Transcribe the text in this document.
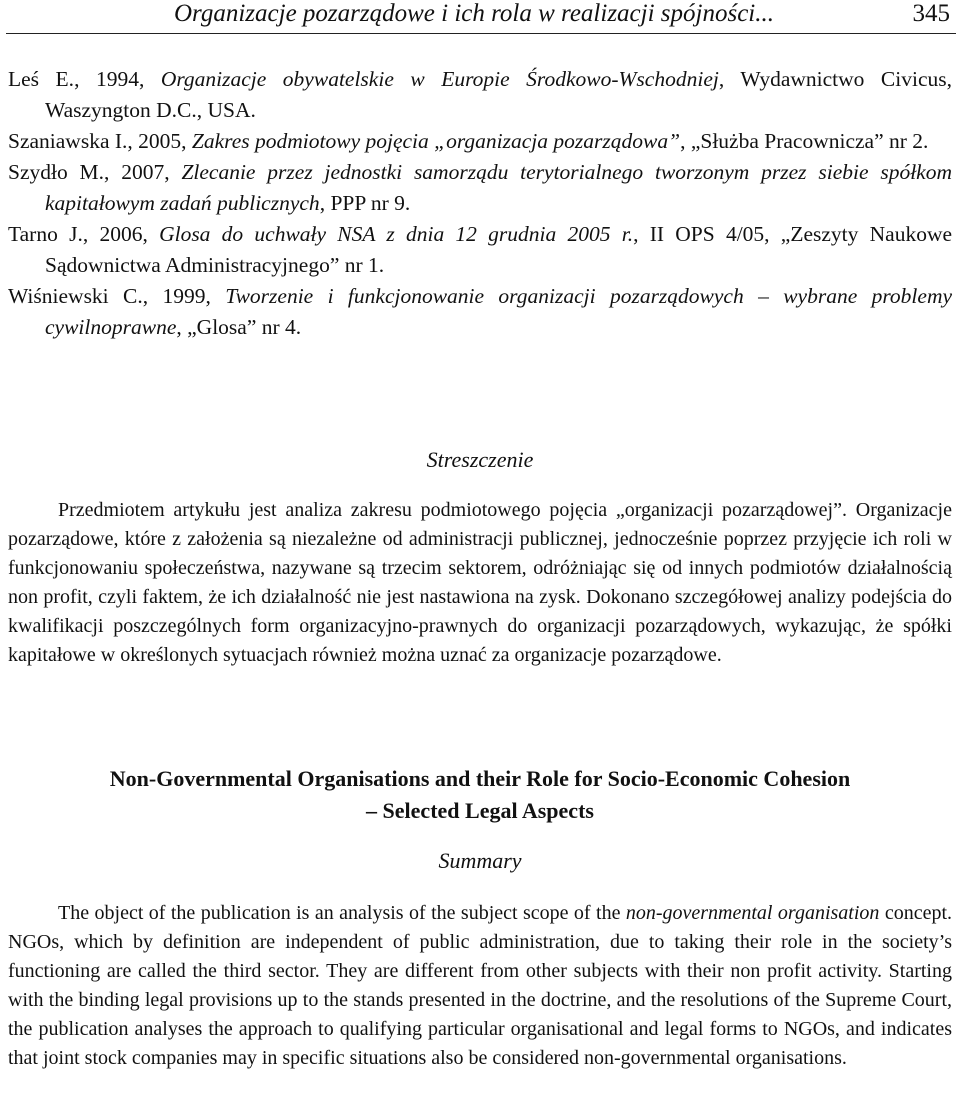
Organizacje pozarządowe i ich rola w realizacji spójności...	345
Leś E., 1994, Organizacje obywatelskie w Europie Środkowo-Wschodniej, Wydawnictwo Civicus, Waszyngton D.C., USA.
Szaniawska I., 2005, Zakres podmiotowy pojęcia „organizacja pozarządowa”, „Służba Pracownicza” nr 2.
Szydło M., 2007, Zlecanie przez jednostki samorządu terytorialnego tworzonym przez siebie spółkom kapitałowym zadań publicznych, PPP nr 9.
Tarno J., 2006, Glosa do uchwały NSA z dnia 12 grudnia 2005 r., II OPS 4/05, „Zeszyty Naukowe Sądownictwa Administracyjnego” nr 1.
Wiśniewski C., 1999, Tworzenie i funkcjonowanie organizacji pozarządowych – wybrane problemy cywilnoprawne, „Glosa” nr 4.
Streszczenie

Przedmiotem artykułu jest analiza zakresu podmiotowego pojęcia „organizacji pozarządowej”. Organizacje pozarządowe, które z założenia są niezależne od administracji publicznej, jednocześnie poprzez przyjęcie ich roli w funkcjonowaniu społeczeństwa, nazywane są trzecim sektorem, odróżniając się od innych podmiotów działalnością non profit, czyli faktem, że ich działalność nie jest nastawiona na zysk. Dokonano szczegółowej analizy podejścia do kwalifikacji poszczególnych form organizacyjno-prawnych do organizacji pozarządowych, wykazując, że spółki kapitałowe w określonych sytuacjach również można uznać za organizacje pozarządowe.

Non-Governmental Organisations and their Role for Socio-Economic Cohesion
– Selected Legal Aspects
Summary

The object of the publication is an analysis of the subject scope of the non-governmental organisation concept. NGOs, which by definition are independent of public administration, due to taking their role in the society’s functioning are called the third sector. They are different from other subjects with their non profit activity. Starting with the binding legal provisions up to the stands presented in the doctrine, and the resolutions of the Supreme Court, the publication analyses the approach to qualifying particular organisational and legal forms to NGOs, and indicates that joint stock companies may in specific situations also be considered non-governmental organisations.
